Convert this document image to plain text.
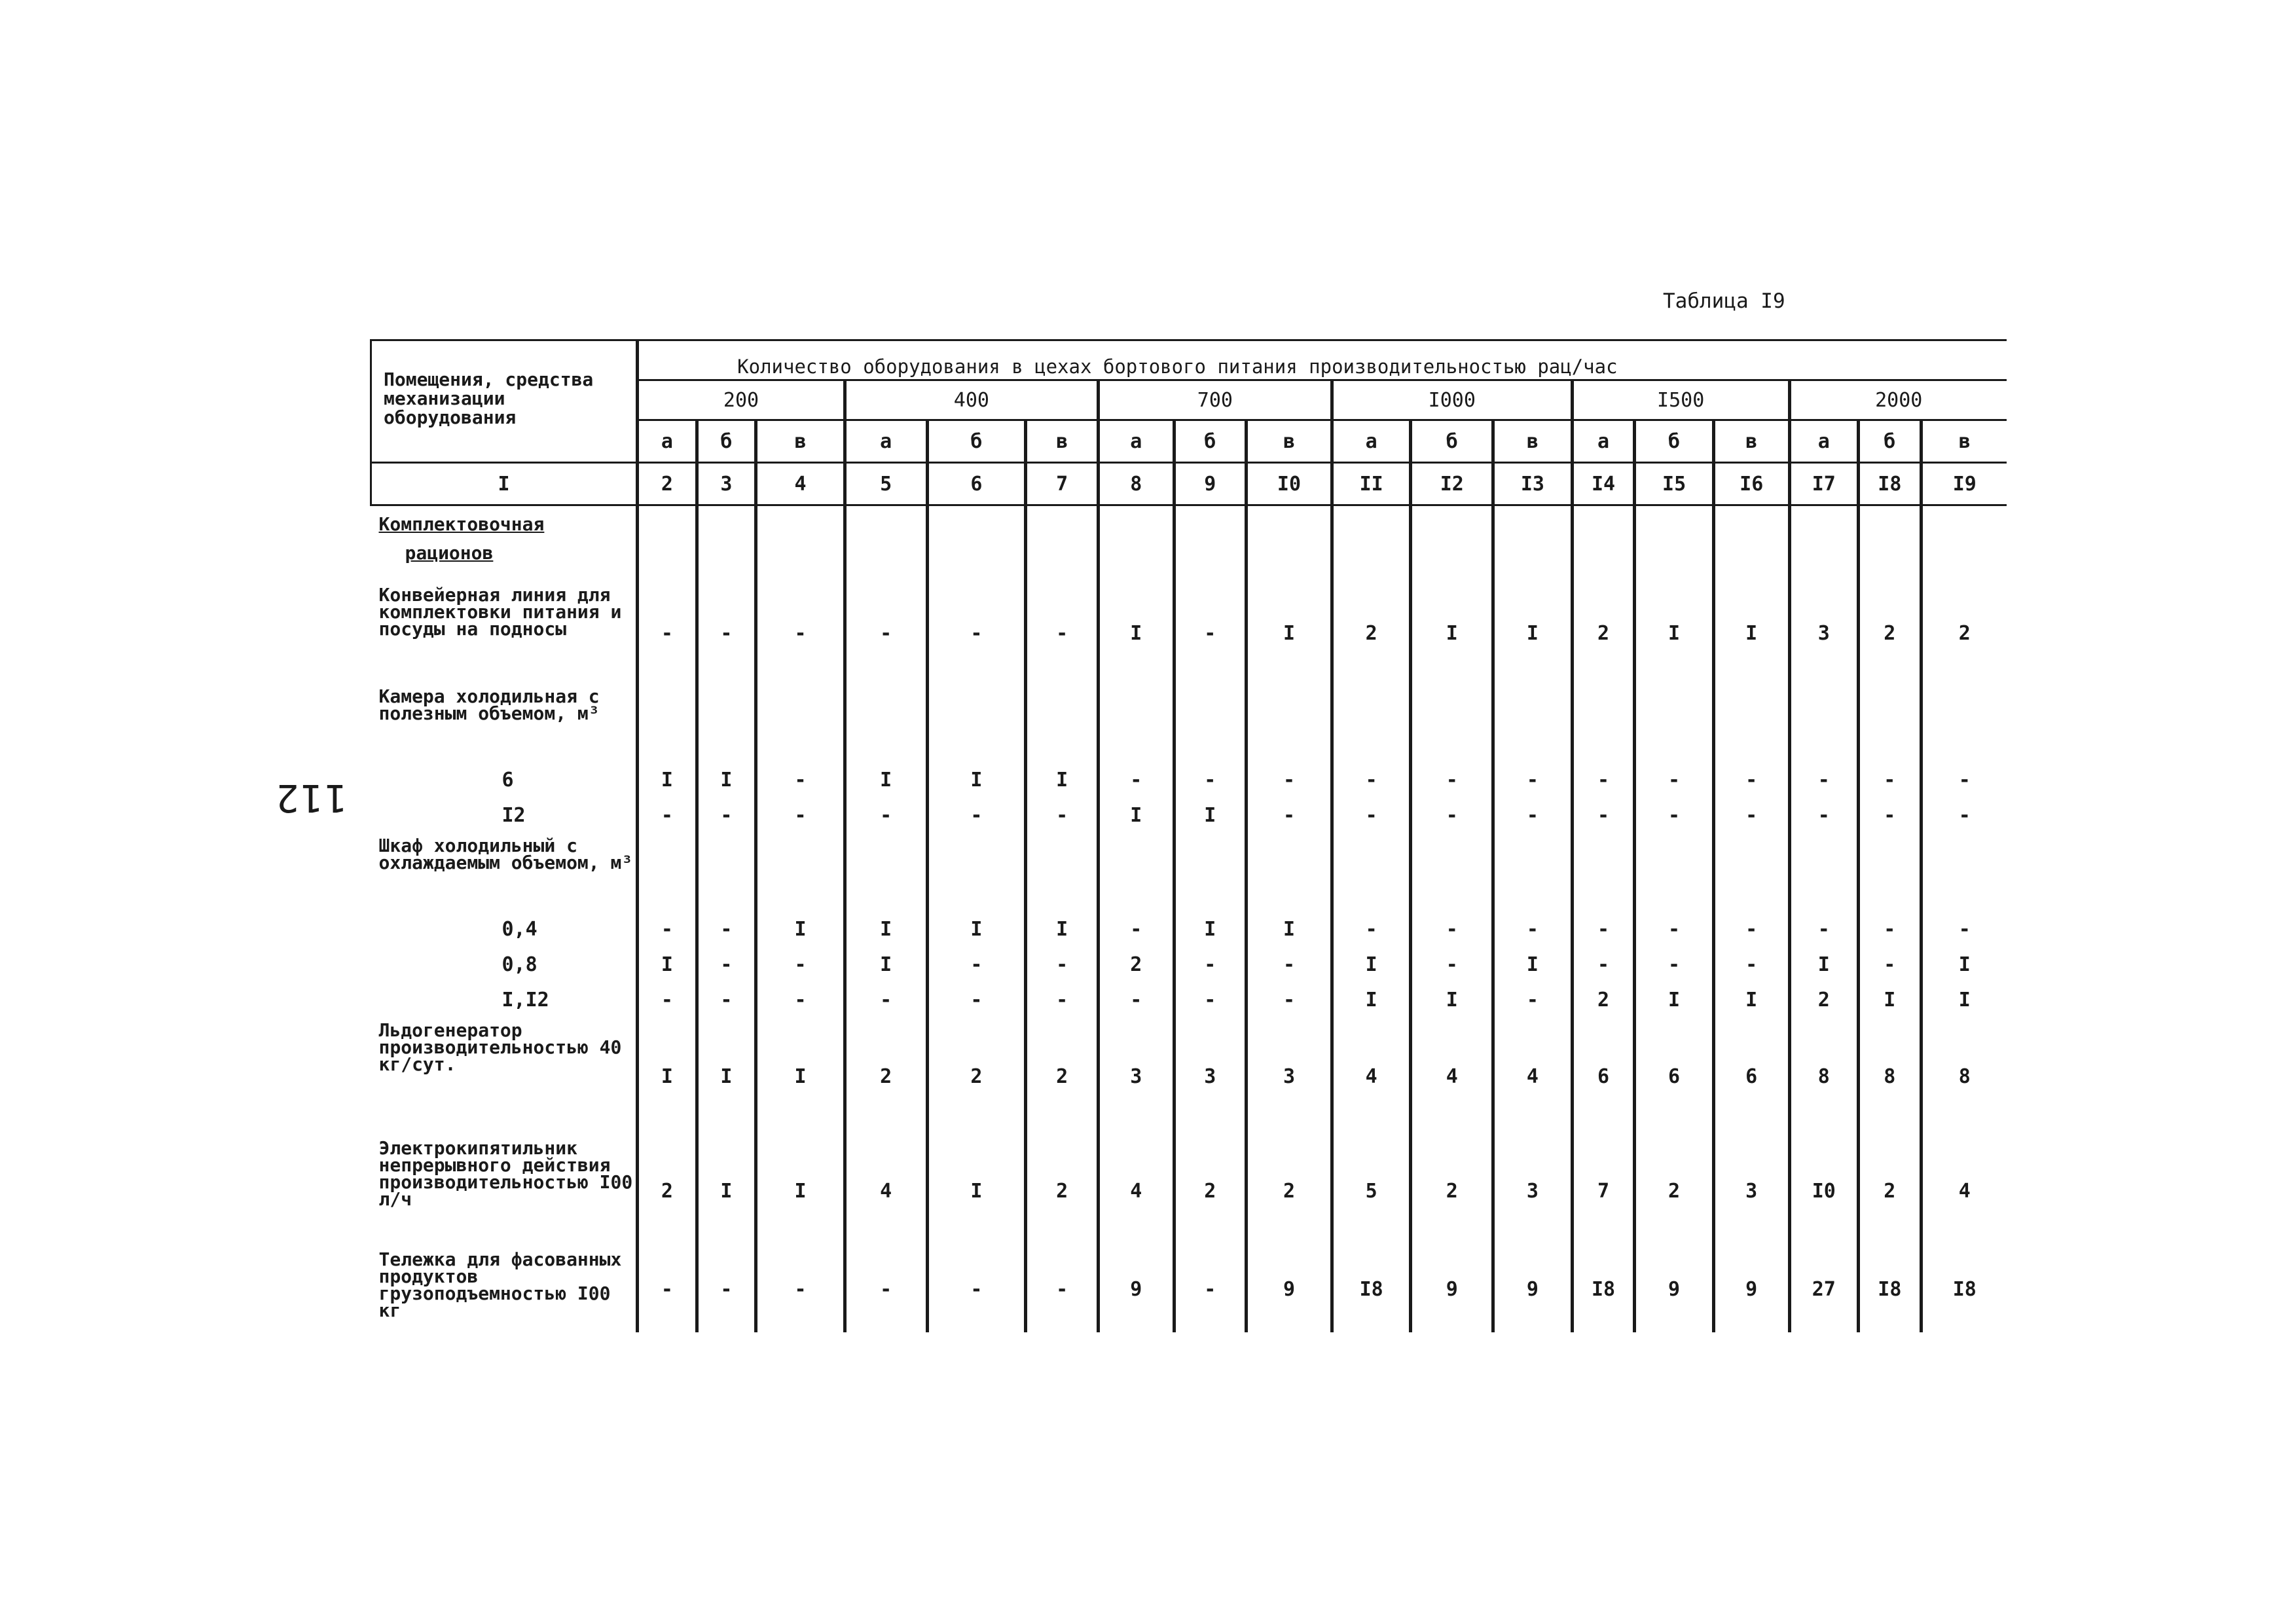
112
Таблица I9
Помещения, средства механизации оборудования	Количество оборудования в цехах бортового питания производительностью рац/час																	
	200			400			700			I000			I500			2000		
	а	б	в	а	б	в	а	б	в	а	б	в	а	б	в	а	б	в
I	2	3	4	5	6	7	8	9	I0	II	I2	I3	I4	I5	I6	I7	I8	I9
Комплектовочная
рационов																		
Конвейерная линия для комплектовки питания и посуды на подносы	-	-	-	-	-	-	I	-	I	2	I	I	2	I	I	3	2	2
Камера холодильная с полезным объемом, м³																		
6	I	I	-	I	I	I	-	-	-	-	-	-	-	-	-	-	-	-
I2	-	-	-	-	-	-	I	I	-	-	-	-	-	-	-	-	-	-
Шкаф холодильный с охлаждаемым объемом, м³																		
0,4	-	-	I	I	I	I	-	I	I	-	-	-	-	-	-	-	-	-
0,8	I	-	-	I	-	-	2	-	-	I	-	I	-	-	-	I	-	I
I,I2	-	-	-	-	-	-	-	-	-	I	I	-	2	I	I	2	I	I
Льдогенератор производительностью 40 кг/сут.	I	I	I	2	2	2	3	3	3	4	4	4	6	6	6	8	8	8
Электрокипятильник непрерывного действия производительностью I00 л/ч	2	I	I	4	I	2	4	2	2	5	2	3	7	2	3	I0	2	4
Тележка для фасованных продуктов грузоподъемностью I00 кг	-	-	-	-	-	-	9	-	9	I8	9	9	I8	9	9	27	I8	I8
